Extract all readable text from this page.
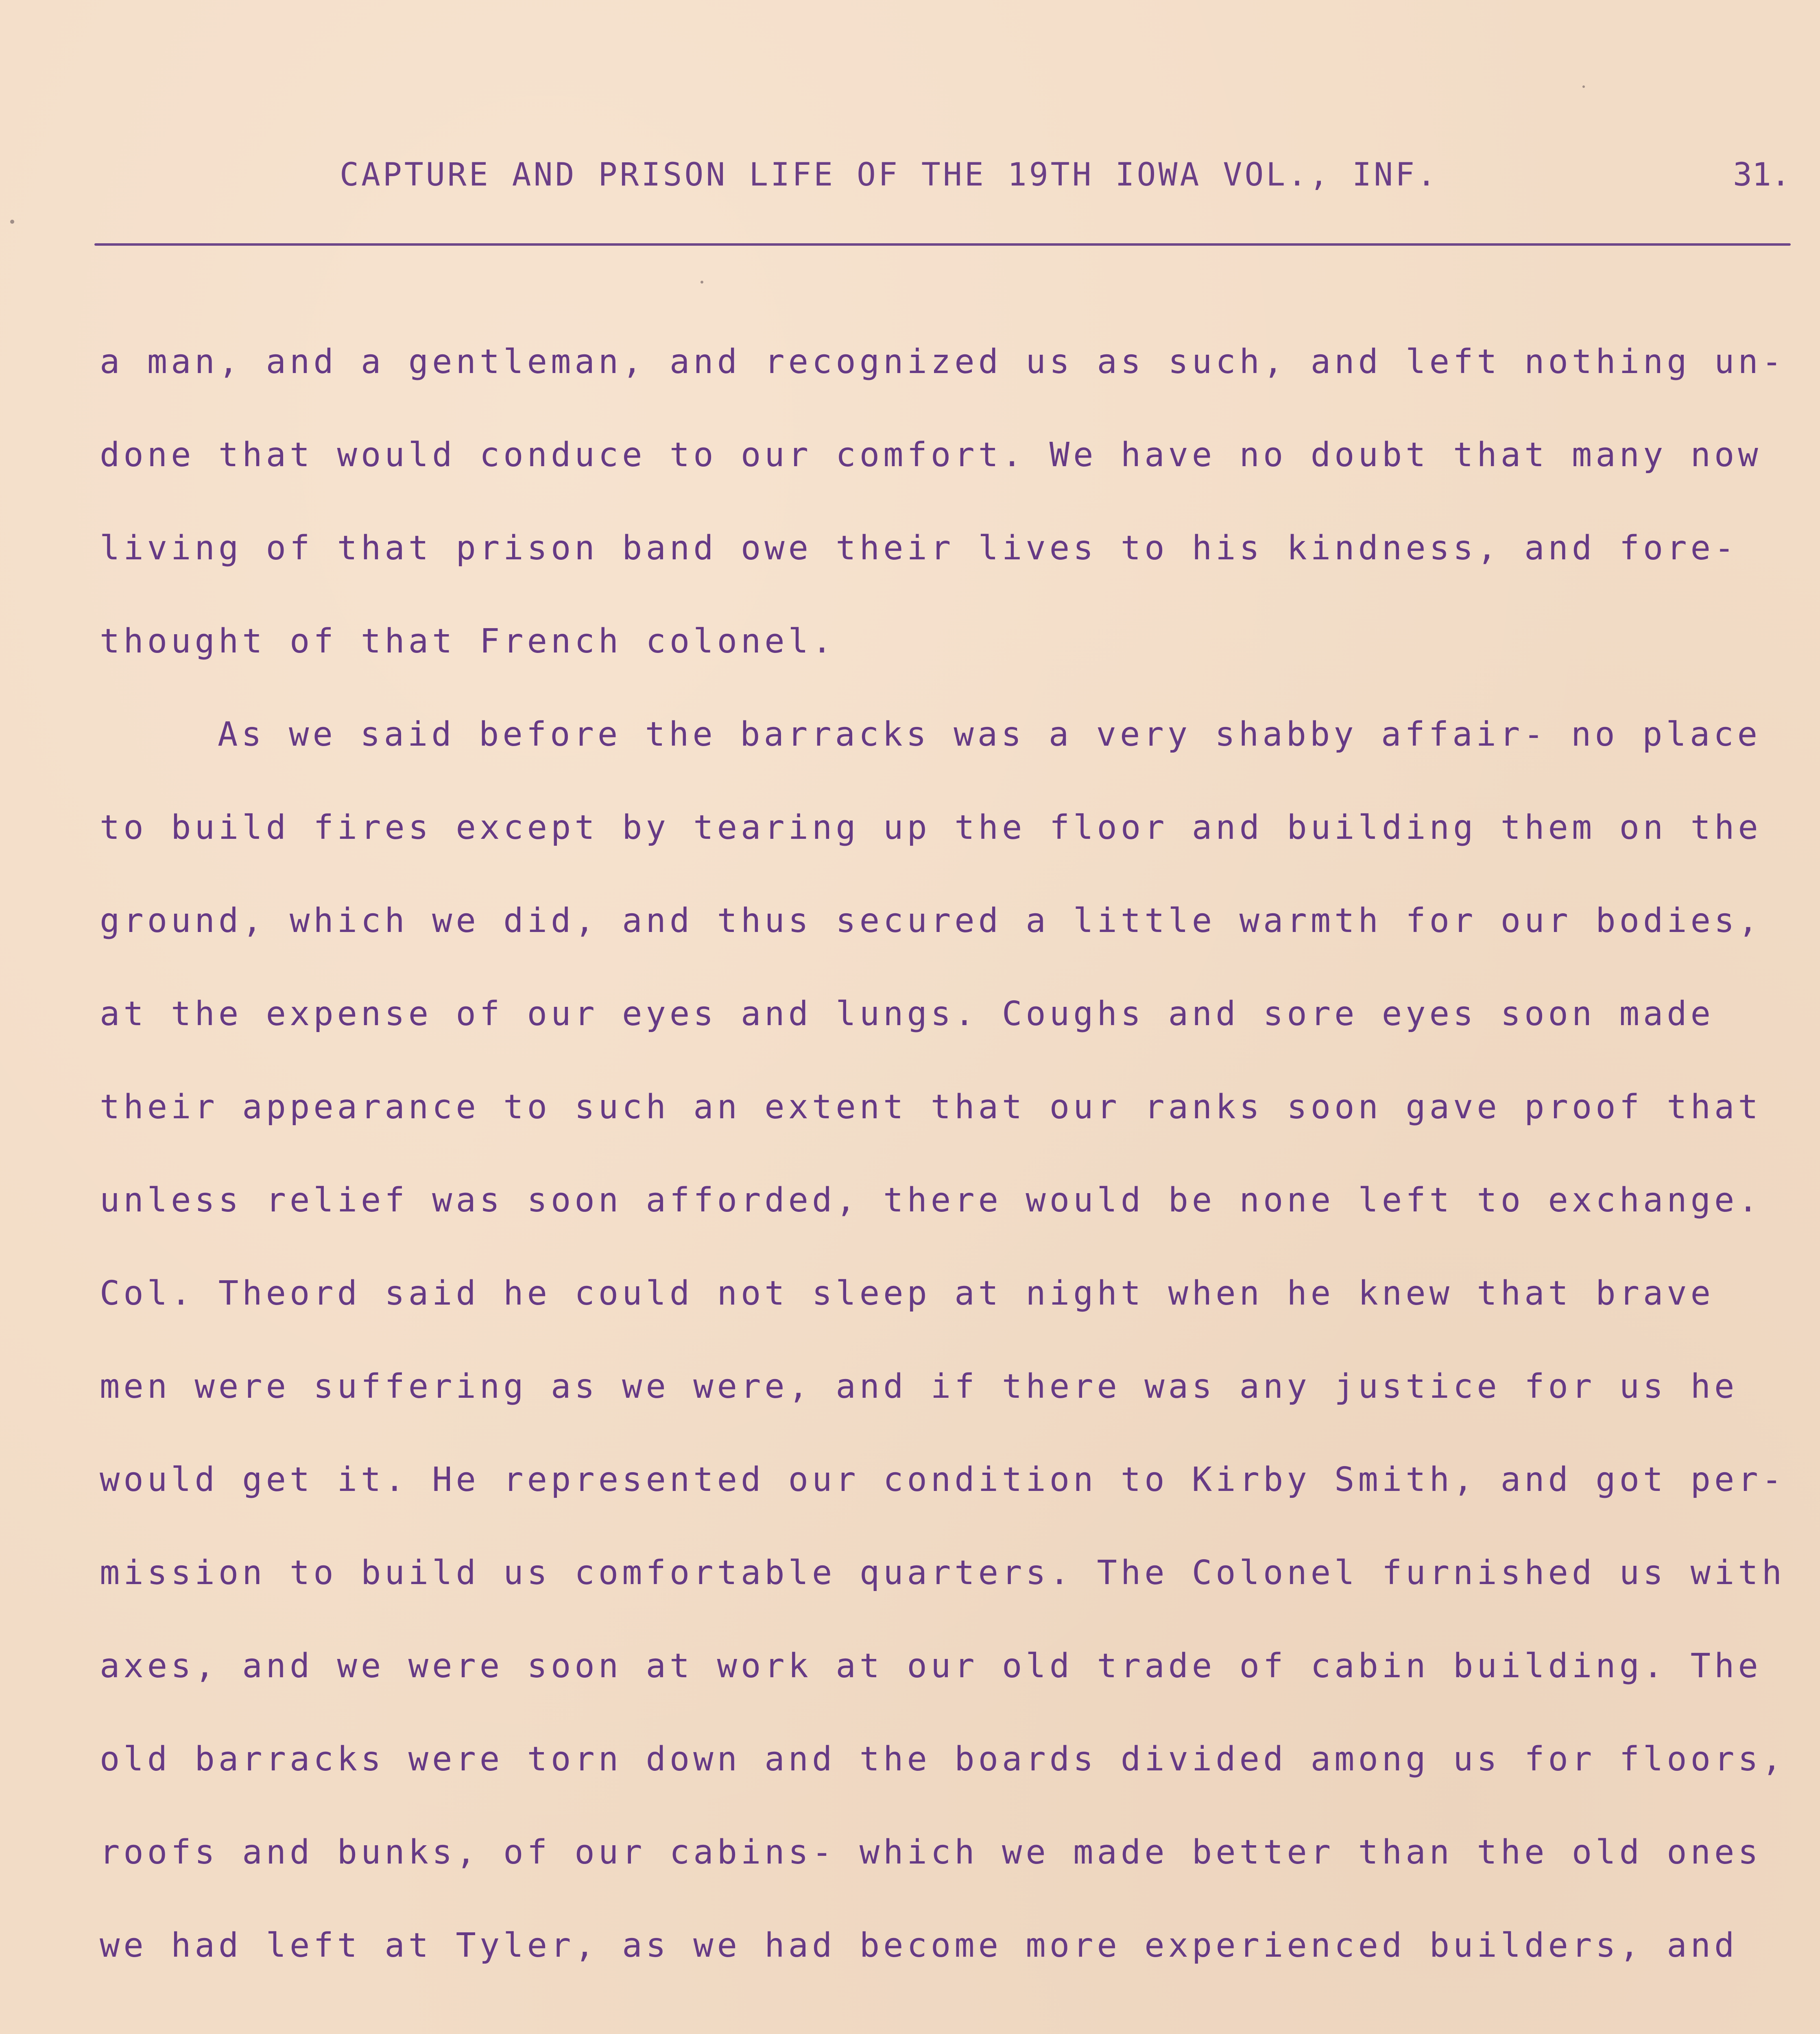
CAPTURE AND PRISON LIFE OF THE 19TH IOWA VOL., INF.	31.
a man, and a gentleman, and recognized us as such, and left nothing un-
done that would conduce to our comfort. We have no doubt that many now
living of that prison band owe their lives to his kindness, and fore-
thought of that French colonel.
As we said before the barracks was a very shabby affair- no place
to build fires except by tearing up the floor and building them on the
ground, which we did, and thus secured a little warmth for our bodies,
at the expense of our eyes and lungs. Coughs and sore eyes soon made
their appearance to such an extent that our ranks soon gave proof that
unless relief was soon afforded, there would be none left to exchange.
Col. Theord said he could not sleep at night when he knew that brave
men were suffering as we were, and if there was any justice for us he
would get it. He represented our condition to Kirby Smith, and got per-
mission to build us comfortable quarters. The Colonel furnished us with
axes, and we were soon at work at our old trade of cabin building. The
old barracks were torn down and the boards divided among us for floors,
roofs and bunks, of our cabins- which we made better than the old ones
we had left at Tyler, as we had become more experienced builders, and
